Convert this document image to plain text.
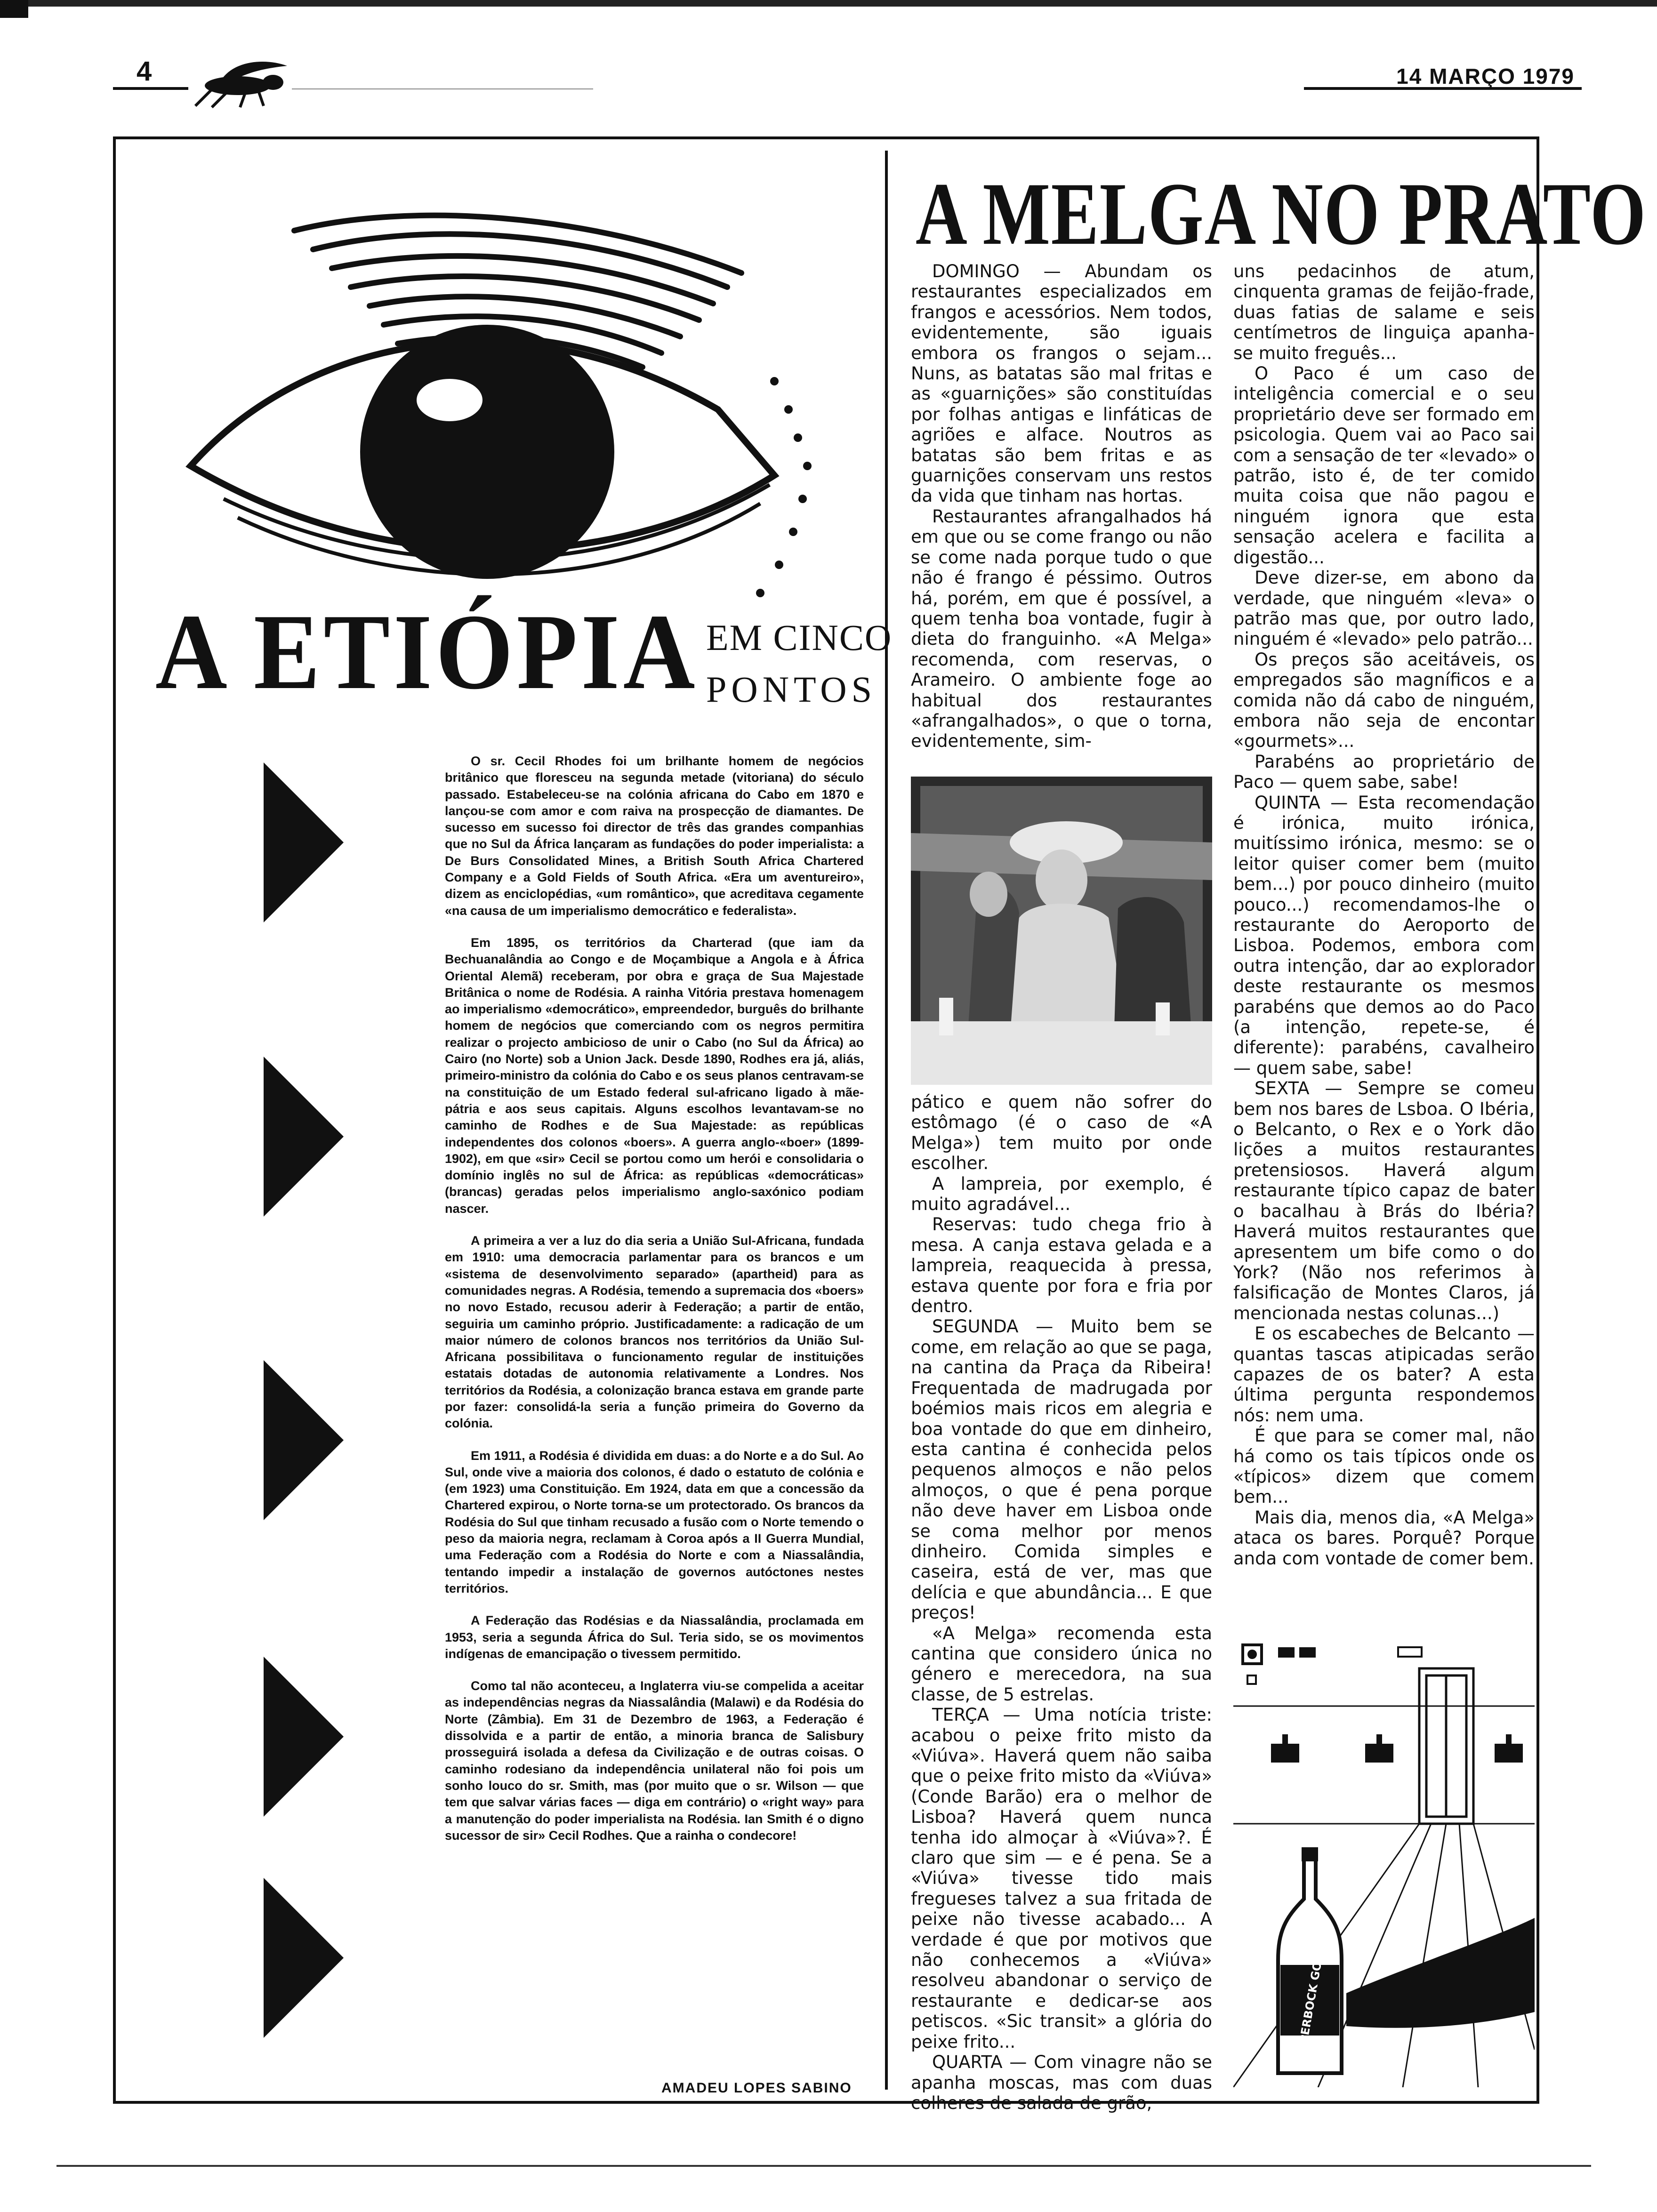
4	14 MARÇO 1979
A ETIÓPIA EM CINCO
PONTOS

O sr. Cecil Rhodes foi um brilhante homem de negócios britânico que floresceu na segunda metade (vitoriana) do século passado. Estabeleceu-se na colónia africana do Cabo em 1870 e lançou-se com amor e com raiva na prospecção de diamantes. De sucesso em sucesso foi director de três das grandes companhias que no Sul da África lançaram as fundações do poder imperialista: a De Burs Consolidated Mines, a British South Africa Chartered Company e a Gold Fields of South Africa. «Era um aventureiro», dizem as enciclopédias, «um romântico», que acreditava cegamente «na causa de um imperialismo democrático e federalista».

Em 1895, os territórios da Charterad (que iam da Bechuanalândia ao Congo e de Moçambique a Angola e à África Oriental Alemã) receberam, por obra e graça de Sua Majestade Britânica o nome de Rodésia. A rainha Vitória prestava homenagem ao imperialismo «democrático», empreendedor, burguês do brilhante homem de negócios que comerciando com os negros permitira realizar o projecto ambicioso de unir o Cabo (no Sul da África) ao Cairo (no Norte) sob a Union Jack. Desde 1890, Rodhes era já, aliás, primeiro-ministro da colónia do Cabo e os seus planos centravam-se na constituição de um Estado federal sul-africano ligado à mãe-pátria e aos seus capitais. Alguns escolhos levantavam-se no caminho de Rodhes e de Sua Majestade: as repúblicas independentes dos colonos «boers». A guerra anglo-«boer» (1899-1902), em que «sir» Cecil se portou como um herói e consolidaria o domínio inglês no sul de África: as repúblicas «democráticas» (brancas) geradas pelos imperialismo anglo-saxónico podiam nascer.

A primeira a ver a luz do dia seria a União Sul-Africana, fundada em 1910: uma democracia parlamentar para os brancos e um «sistema de desenvolvimento separado» (apartheid) para as comunidades negras. A Rodésia, temendo a supremacia dos «boers» no novo Estado, recusou aderir à Federação; a partir de então, seguiria um caminho próprio. Justificadamente: a radicação de um maior número de colonos brancos nos territórios da União Sul-Africana possibilitava o funcionamento regular de instituições estatais dotadas de autonomia relativamente a Londres. Nos territórios da Rodésia, a colonização branca estava em grande parte por fazer: consolidá-la seria a função primeira do Governo da colónia.

Em 1911, a Rodésia é dividida em duas: a do Norte e a do Sul. Ao Sul, onde vive a maioria dos colonos, é dado o estatuto de colónia e (em 1923) uma Constituição. Em 1924, data em que a concessão da Chartered expirou, o Norte torna-se um protectorado. Os brancos da Rodésia do Sul que tinham recusado a fusão com o Norte temendo o peso da maioria negra, reclamam à Coroa após a II Guerra Mundial, uma Federação com a Rodésia do Norte e com a Niassalândia, tentando impedir a instalação de governos autóctones nestes territórios.

A Federação das Rodésias e da Niassalândia, proclamada em 1953, seria a segunda África do Sul. Teria sido, se os movimentos indígenas de emancipação o tivessem permitido.

Como tal não aconteceu, a Inglaterra viu-se compelida a aceitar as independências negras da Niassalândia (Malawi) e da Rodésia do Norte (Zâmbia). Em 31 de Dezembro de 1963, a Federação é dissolvida e a partir de então, a minoria branca de Salisbury prosseguirá isolada a defesa da Civilização e de outras coisas. O caminho rodesiano da independência unilateral não foi pois um sonho louco do sr. Smith, mas (por muito que o sr. Wilson — que tem que salvar várias faces — diga em contrário) o «right way» para a manutenção do poder imperialista na Rodésia. Ian Smith é o digno sucessor de sir» Cecil Rodhes. Que a rainha o condecore!

AMADEU LOPES SABINO
A MELGA NO PRATO

DOMINGO — Abundam os restaurantes especializados em frangos e acessórios. Nem todos, evidentemente, são iguais embora os frangos o sejam... Nuns, as batatas são mal fritas e as «guarnições» são constituídas por folhas antigas e linfáticas de agriões e alface. Noutros as batatas são bem fritas e as guarnições conservam uns restos da vida que tinham nas hortas.

Restaurantes afrangalhados há em que ou se come frango ou não se come nada porque tudo o que não é frango é péssimo. Outros há, porém, em que é possível, a quem tenha boa vontade, fugir à dieta do franguinho. «A Melga» recomenda, com reservas, o Arameiro. O ambiente foge ao habitual dos restaurantes «afrangalhados», o que o torna, evidentemente, sim-

pático e quem não sofrer do estômago (é o caso de «A Melga») tem muito por onde escolher.

A lampreia, por exemplo, é muito agradável...

Reservas: tudo chega frio à mesa. A canja estava gelada e a lampreia, reaquecida à pressa, estava quente por fora e fria por dentro.

SEGUNDA — Muito bem se come, em relação ao que se paga, na cantina da Praça da Ribeira! Frequentada de madrugada por boémios mais ricos em alegria e boa vontade do que em dinheiro, esta cantina é conhecida pelos pequenos almoços e não pelos almoços, o que é pena porque não deve haver em Lisboa onde se coma melhor por menos dinheiro. Comida simples e caseira, está de ver, mas que delícia e que abundância... E que preços!

«A Melga» recomenda esta cantina que considero única no género e merecedora, na sua classe, de 5 estrelas.

TERÇA — Uma notícia triste: acabou o peixe frito misto da «Viúva». Haverá quem não saiba que o peixe frito misto da «Viúva» (Conde Barão) era o melhor de Lisboa? Haverá quem nunca tenha ido almoçar à «Viúva»?. É claro que sim — e é pena. Se a «Viúva» tivesse tido mais fregueses talvez a sua fritada de peixe não tivesse acabado... A verdade é que por motivos que não conhecemos a «Viúva» resolveu abandonar o serviço de restaurante e dedicar-se aos petiscos. «Sic transit» a glória do peixe frito...

QUARTA — Com vinagre não se apanha moscas, mas com duas colheres de salada de grão,

uns pedacinhos de atum, cinquenta gramas de feijão-frade, duas fatias de salame e seis centímetros de linguiça apanha-se muito freguês...

O Paco é um caso de inteligência comercial e o seu proprietário deve ser formado em psicologia. Quem vai ao Paco sai com a sensação de ter «levado» o patrão, isto é, de ter comido muita coisa que não pagou e ninguém ignora que esta sensação acelera e facilita a digestão...

Deve dizer-se, em abono da verdade, que ninguém «leva» o patrão mas que, por outro lado, ninguém é «levado» pelo patrão...

Os preços são aceitáveis, os empregados são magníficos e a comida não dá cabo de ninguém, embora não seja de encontar «gourmets»...

Parabéns ao proprietário de Paco — quem sabe, sabe!

QUINTA — Esta recomendação é irónica, muito irónica, muitíssimo irónica, mesmo: se o leitor quiser comer bem (muito bem...) por pouco dinheiro (muito pouco...) recomendamos-lhe o restaurante do Aeroporto de Lisboa. Podemos, embora com outra intenção, dar ao explorador deste restaurante os mesmos parabéns que demos ao do Paco (a intenção, repete-se, é diferente): parabéns, cavalheiro — quem sabe, sabe!

SEXTA — Sempre se comeu bem nos bares de Lsboa. O Ibéria, o Belcanto, o Rex e o York dão lições a muitos restaurantes pretensiosos. Haverá algum restaurante típico capaz de bater o bacalhau à Brás do Ibéria? Haverá muitos restaurantes que apresentem um bife como o do York? (Não nos referimos à falsificação de Montes Claros, já mencionada nestas colunas...)

E os escabeches de Belcanto — quantas tascas atipicadas serão capazes de os bater? A esta última pergunta respondemos nós: nem uma.

É que para se comer mal, não há como os tais típicos onde os «típicos» dizem que comem bem...

Mais dia, menos dia, «A Melga» ataca os bares. Porquê? Porque anda com vontade de comer bem.

SUPERBOCK GOLD
